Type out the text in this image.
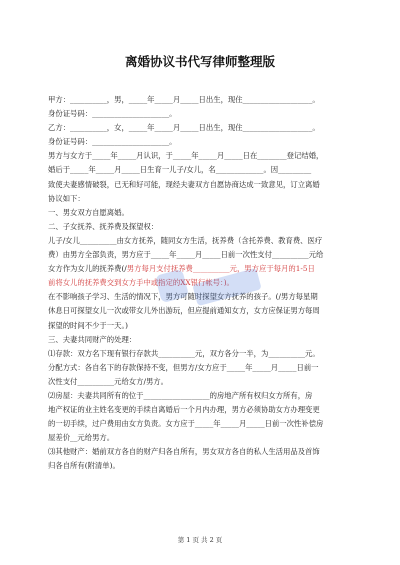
离婚协议书代写律师整理版
甲方：__________，男，_____年_____月_____日出生，现住___________________。
身份证号码：_____________________。
乙方：__________，女，_____年_____月_____日出生，现住___________________。
身份证号码：_____________________。
男方与女方于_____年_____月认识，于_____年_____月_____日在________登记结婚，
婚后于_____年_____月_____日生育一儿子/女儿，名_____________。因_________
致使夫妻感情破裂，已无和好可能，现经夫妻双方自愿协商达成一致意见，订立离婚
协议如下：
一、男女双方自愿离婚。
二、子女抚养、抚养费及探望权：
儿子/女儿__________由女方抚养，随同女方生活，抚养费（含托养费、教育费、医疗
费）由男方全部负责，男方应于_____年_____月_____日前一次性支付__________元给
女方作为女儿的抚养费(/男方每月支付抚养费__________元，男方应于每月的1-5日
前将女儿的抚养费交到女方手中或指定的XX银行帐号：)。
在不影响孩子学习、生活的情况下，男方可随时探望女方抚养的孩子。(/男方每星期
休息日可探望女儿一次或带女儿外出游玩，但应提前通知女方，女方应保证男方每周
探望的时间不少于一天。)
三、夫妻共同财产的处理：
⑴存款：双方名下现有银行存款共__________元，双方各分一半，为__________元。
分配方式：各自名下的存款保持不变，但男方/女方应于_____年_____月_____日前一
次性支付__________元给女方/男方。
⑵房屋：夫妻共同所有的位于__________________的房地产所有权归女方所有，房
地产权证的业主姓名变更的手续自离婚后一个月内办理，男方必须协助女方办理变更
的一切手续，过户费用由女方负责。女方应于_____年_____月_____日前一次性补偿房
屋差价__元给男方。
⑶其他财产：婚前双方各自的财产归各自所有，男女双方各自的私人生活用品及首饰
归各自所有(附清单)。
第 1 页 共 2 页
